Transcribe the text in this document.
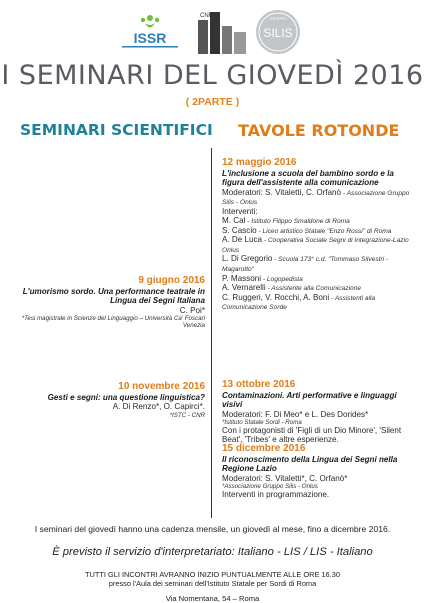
ISSR
CNR
SILIS
GRUPPO
I SEMINARI DEL GIOVEDÌ 2016
( 2PARTE )
SEMINARI SCIENTIFICI TAVOLE ROTONDE
12 maggio 2016
L'inclusione a scuola del bambino sordo e la figura dell'assistente alla comunicazione
Moderatori: S. Vitaletti, C. Orfanò - Associazione Gruppo Silis - Onlus
Interventi:
M. Cal - Istituto Filippo Smaldone di Roma
S. Cascio - Liceo artistico Statale "Enzo Rossi" di Roma
A. De Luca - Cooperativa Sociale Segni di Integrazione-Lazio Onlus
L. Di Gregorio - Scuola 173° c.d. "Tommaso Silvestri - Magarotto"
P. Massoni - Logopedista
A. Vernarelli - Assistente alla Comunicazione
C. Ruggeri, V. Rocchi, A. Boni - Assistenti alla Comunicazione Sorde
9 giugno 2016
L'umorismo sordo. Una performance teatrale in Lingua dei Segni Italiana
C. Poi*
*Tesi magistrale in Scienze del Linguaggio – Università Ca' Foscari Venezia
13 ottobre 2016
Contaminazioni. Arti performative e linguaggi visivi
Moderatori: F. Di Meo* e L. Des Dorides*
*Istituto Statale Sordi - Roma
Con i protagonisti di 'Figli di un Dio Minore', 'Silent Beat', 'Tribes' e altre esperienze.
10 novembre 2016
Gesti e segni: una questione linguistica?
A. Di Renzo*, O. Capirci*.
*ISTC - CNR
15 dicembre 2016
Il riconoscimento della Lingua dei Segni nella Regione Lazio
Moderatori: S. Vitaletti*, C. Orfanò*
*Associazione Gruppo Silis - Onlus
Interventi in programmazione.
I seminari del giovedì hanno una cadenza mensile, un giovedì al mese, fino a dicembre 2016.
È previsto il servizio d'interpretariato: Italiano - LIS / LIS - Italiano
TUTTI GLI INCONTRI AVRANNO INIZIO PUNTUALMENTE ALLE ORE 16.30
presso l'Aula dei seminari dell'Istituto Statale per Sordi di Roma
Via Nomentana, 54 – Roma
